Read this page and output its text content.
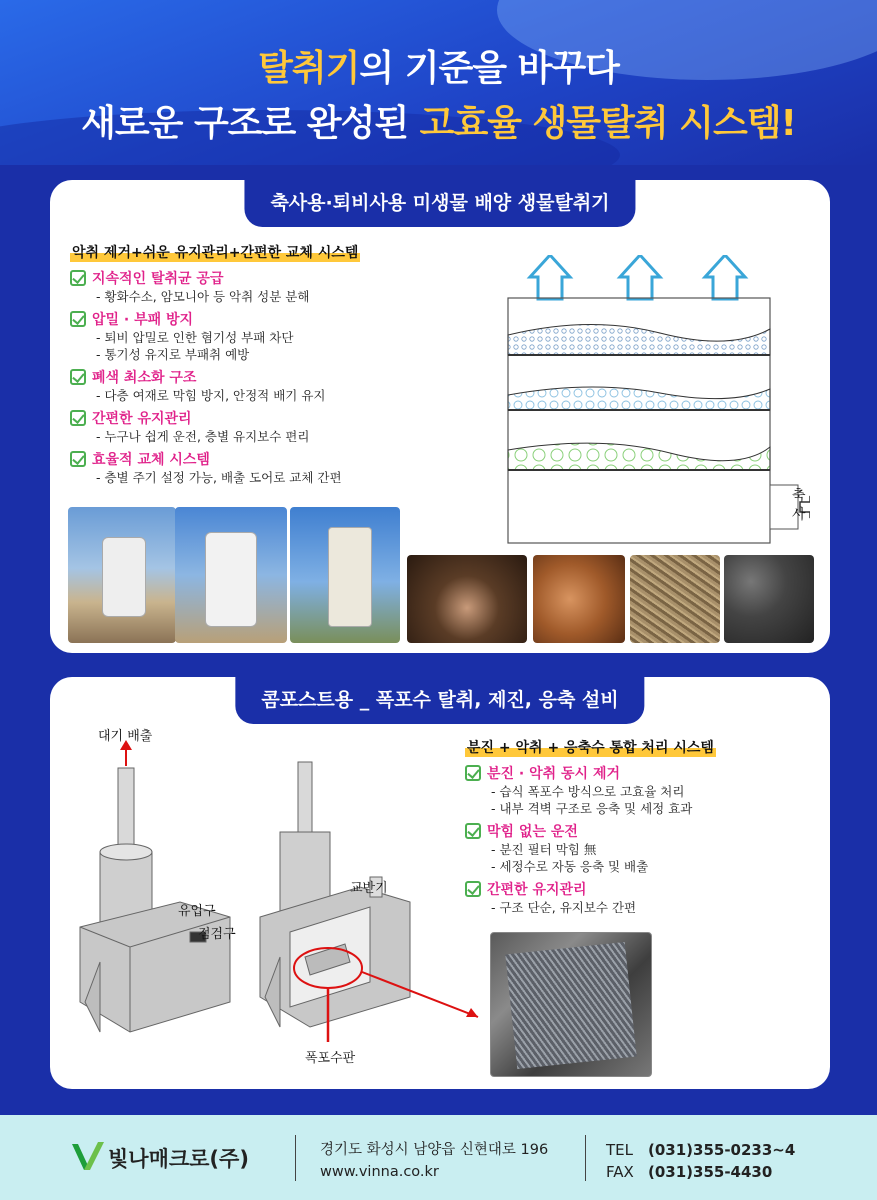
탈취기의 기준을 바꾸다
새로운 구조로 완성된 고효율 생물탈취 시스템!
축사용·퇴비사용 미생물 배양 생물탈취기
악취 제거+쉬운 유지관리+간편한 교체 시스템
지속적인 탈취균 공급
- 황화수소, 암모니아 등 악취 성분 분해
압밀 · 부패 방지
- 퇴비 압밀로 인한 혐기성 부패 차단
- 통기성 유지로 부패취 예방
폐색 최소화 구조
- 다층 여재로 막힘 방지, 안정적 배기 유지
간편한 유지관리
- 누구나 쉽게 운전, 층별 유지보수 편리
효율적 교체 시스템
- 층별 주기 설정 가능, 배출 도어로 교체 간편
축
사
콤포스트용 _ 폭포수 탈취, 제진, 응축 설비
대기 배출
유입구
점검구
교반기
폭포수판
분진 + 악취 + 응축수 통합 처리 시스템
분진 · 악취 동시 제거
- 습식 폭포수 방식으로 고효율 처리
- 내부 격벽 구조로 응축 및 세정 효과
막힘 없는 운전
- 분진 필터 막힘 無
- 세정수로 자동 응축 및 배출
간편한 유지관리
- 구조 단순, 유지보수 간편
빛나매크로(주)	경기도 화성시 남양읍 신현대로 196
www.vinna.co.kr
TEL (031)355-0233~4
FAX (031)355-4430
